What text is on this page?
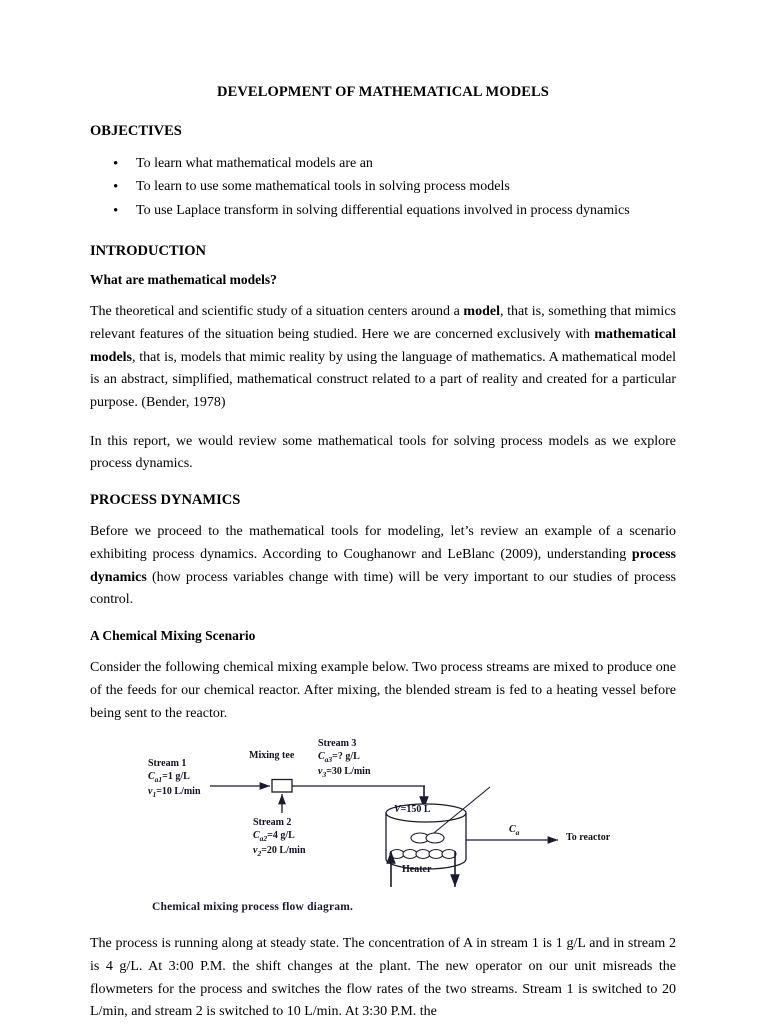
DEVELOPMENT OF MATHEMATICAL MODELS
OBJECTIVES
• To learn what mathematical models are an
• To learn to use some mathematical tools in solving process models
• To use Laplace transform in solving differential equations involved in process dynamics
INTRODUCTION
What are mathematical models?

The theoretical and scientific study of a situation centers around a model, that is, something that mimics relevant features of the situation being studied. Here we are concerned exclusively with mathematical models, that is, models that mimic reality by using the language of mathematics. A mathematical model is an abstract, simplified, mathematical construct related to a part of reality and created for a particular purpose. (Bender, 1978)

In this report, we would review some mathematical tools for solving process models as we explore process dynamics.

PROCESS DYNAMICS

Before we proceed to the mathematical tools for modeling, let’s review an example of a scenario exhibiting process dynamics. According to Coughanowr and LeBlanc (2009), understanding process dynamics (how process variables change with time) will be very important to our studies of process control.

A Chemical Mixing Scenario

Consider the following chemical mixing example below. Two process streams are mixed to produce one of the feeds for our chemical reactor. After mixing, the blended stream is fed to a heating vessel before being sent to the reactor.

Stream 1
$C_{a1}=1$ g/L
$v_1=10$ L/min
Mixing tee
Stream 3
$C_{a3}=$? g/L
$v_3=30$ L/min
Stream 2
$C_{a2}=4$ g/L
$v_2=20$ L/min
V=150 L
$C_a$	To reactor
Heater
Chemical mixing process flow diagram.

The process is running along at steady state. The concentration of A in stream 1 is 1 g/L and in stream 2 is 4 g/L. At 3:00 P.M. the shift changes at the plant. The new operator on our unit misreads the flowmeters for the process and switches the flow rates of the two streams. Stream 1 is switched to 20 L/min, and stream 2 is switched to 10 L/min. At 3:30 P.M. the
